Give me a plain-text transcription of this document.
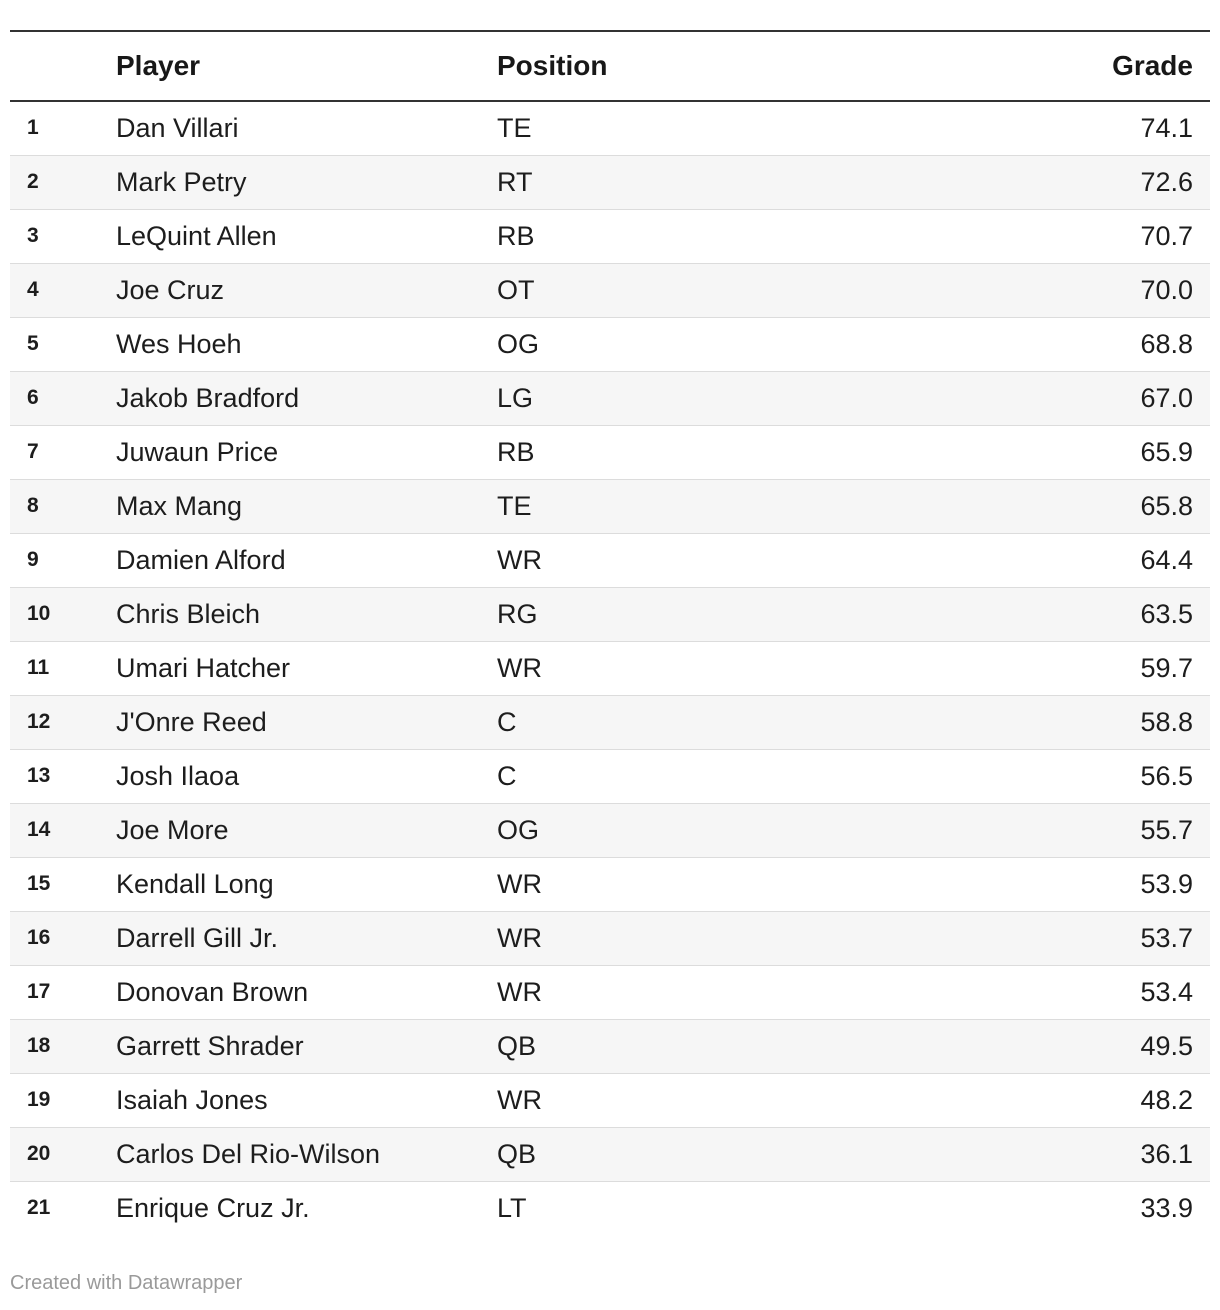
	Player	Position	Grade
1	Dan Villari	TE	74.1
2	Mark Petry	RT	72.6
3	LeQuint Allen	RB	70.7
4	Joe Cruz	OT	70.0
5	Wes Hoeh	OG	68.8
6	Jakob Bradford	LG	67.0
7	Juwaun Price	RB	65.9
8	Max Mang	TE	65.8
9	Damien Alford	WR	64.4
10	Chris Bleich	RG	63.5
11	Umari Hatcher	WR	59.7
12	J'Onre Reed	C	58.8
13	Josh Ilaoa	C	56.5
14	Joe More	OG	55.7
15	Kendall Long	WR	53.9
16	Darrell Gill Jr.	WR	53.7
17	Donovan Brown	WR	53.4
18	Garrett Shrader	QB	49.5
19	Isaiah Jones	WR	48.2
20	Carlos Del Rio-Wilson	QB	36.1
21	Enrique Cruz Jr.	LT	33.9
Created with Datawrapper
